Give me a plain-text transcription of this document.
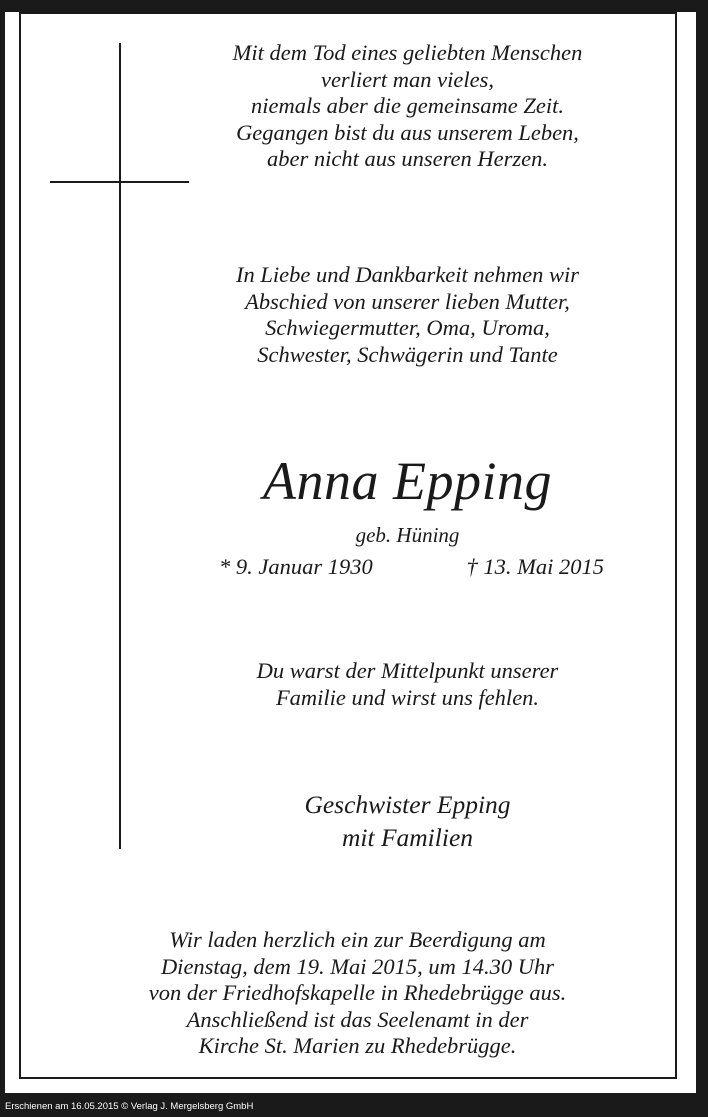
Mit dem Tod eines geliebten Menschen
verliert man vieles,
niemals aber die gemeinsame Zeit.
Gegangen bist du aus unserem Leben,
aber nicht aus unseren Herzen.
In Liebe und Dankbarkeit nehmen wir
Abschied von unserer lieben Mutter,
Schwiegermutter, Oma, Uroma,
Schwester, Schwägerin und Tante
Anna Epping
geb. Hüning
* 9. Januar 1930	† 13. Mai 2015
Du warst der Mittelpunkt unserer
Familie und wirst uns fehlen.
Geschwister Epping
mit Familien
Wir laden herzlich ein zur Beerdigung am
Dienstag, dem 19. Mai 2015, um 14.30 Uhr
von der Friedhofskapelle in Rhedebrügge aus.
Anschließend ist das Seelenamt in der
Kirche St. Marien zu Rhedebrügge.
Erschienen am 16.05.2015 © Verlag J. Mergelsberg GmbH
